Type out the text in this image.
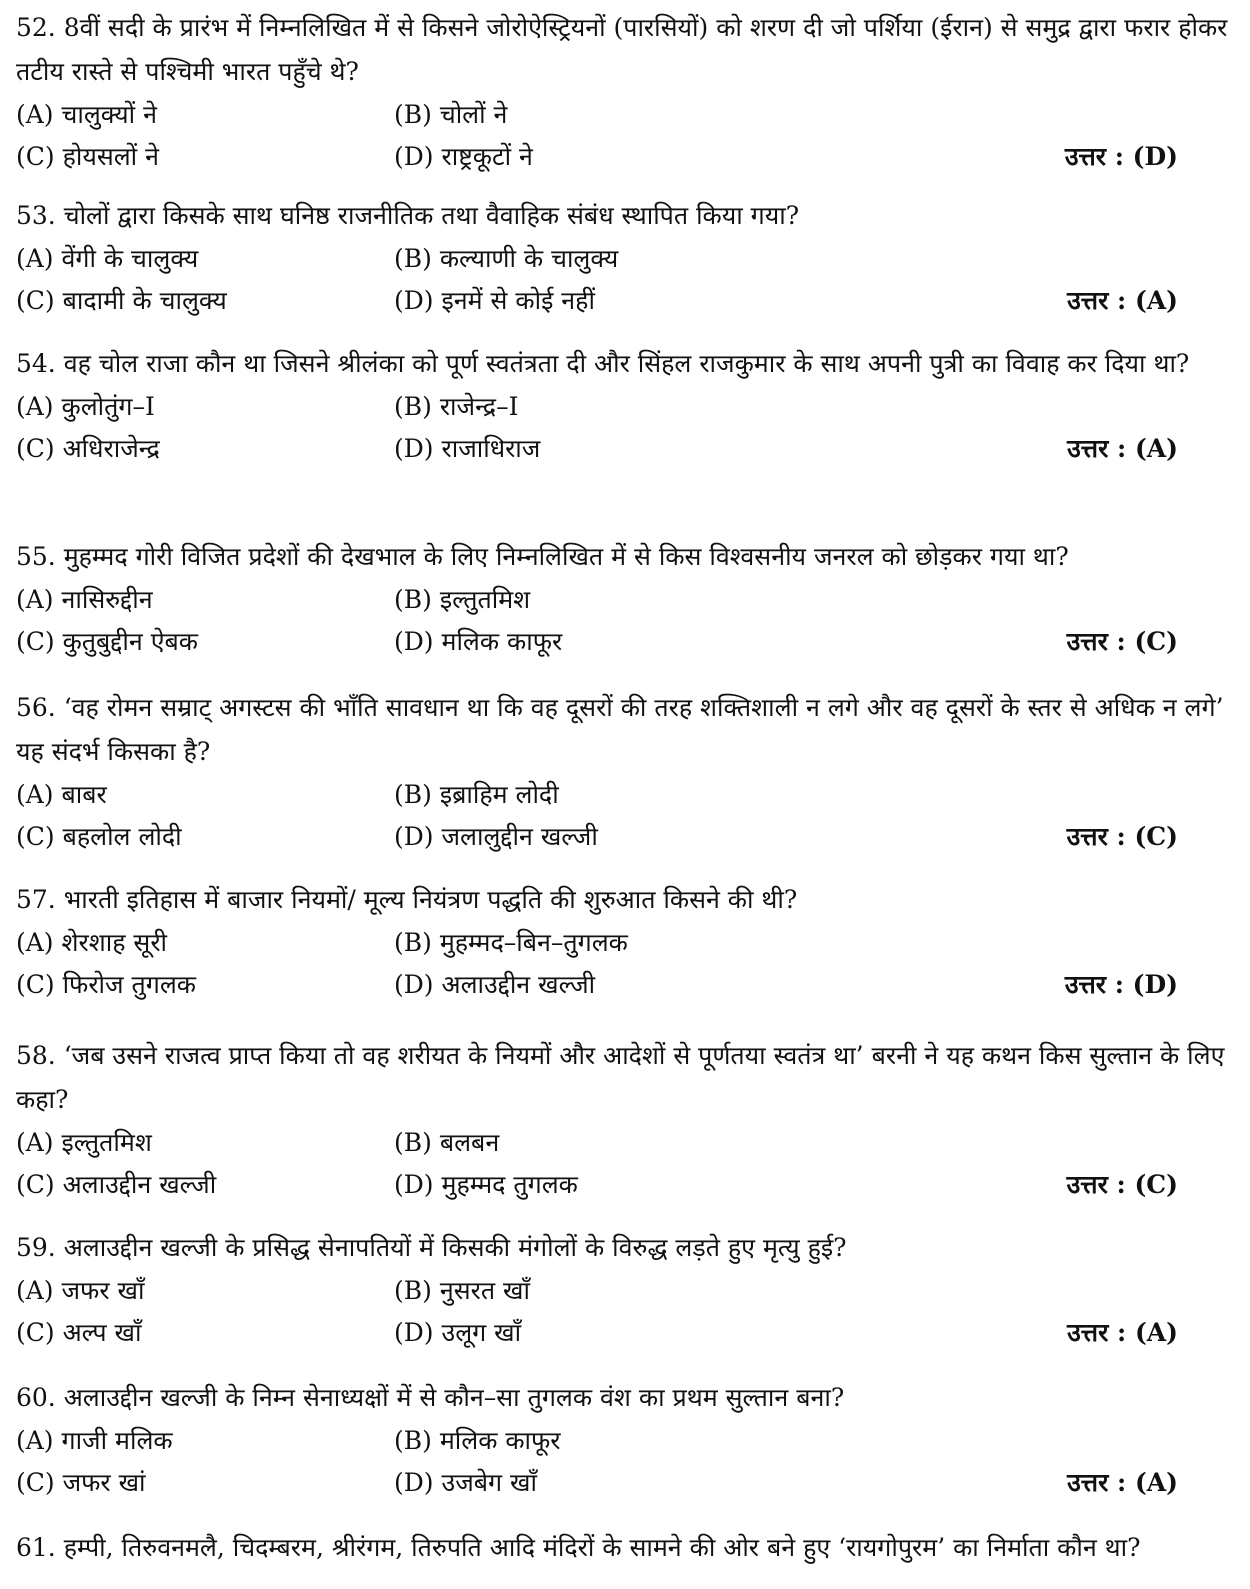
52. 8वीं सदी के प्रारंभ में निम्नलिखित में से किसने जोरोऐस्ट्रियनों (पारसियों) को शरण दी जो पर्शिया (ईरान) से समुद्र द्वारा फरार होकर तटीय रास्ते से पश्चिमी भारत पहुँचे थे?

(A) चालुक्यों ने	(B) चोलों ने
(C) होयसलों ने	(D) राष्ट्रकूटों ने	उत्तर : (D)

53. चोलों द्वारा किसके साथ घनिष्ठ राजनीतिक तथा वैवाहिक संबंध स्थापित किया गया?

(A) वेंगी के चालुक्य	(B) कल्याणी के चालुक्य
(C) बादामी के चालुक्य	(D) इनमें से कोई नहीं	उत्तर : (A)

54. वह चोल राजा कौन था जिसने श्रीलंका को पूर्ण स्वतंत्रता दी और सिंहल राजकुमार के साथ अपनी पुत्री का विवाह कर दिया था?

(A) कुलोतुंग–I	(B) राजेन्द्र–I
(C) अधिराजेन्द्र	(D) राजाधिराज	उत्तर : (A)

55. मुहम्मद गोरी विजित प्रदेशों की देखभाल के लिए निम्नलिखित में से किस विश्वसनीय जनरल को छोड़कर गया था?

(A) नासिरुद्दीन	(B) इल्तुतमिश
(C) कुतुबुद्दीन ऐबक	(D) मलिक काफूर	उत्तर : (C)

56. ‘वह रोमन सम्राट् अगस्टस की भाँति सावधान था कि वह दूसरों की तरह शक्तिशाली न लगे और वह दूसरों के स्तर से अधिक न लगे’ यह संदर्भ किसका है?

(A) बाबर	(B) इब्राहिम लोदी
(C) बहलोल लोदी	(D) जलालुद्दीन खल्जी	उत्तर : (C)

57. भारती इतिहास में बाजार नियमों/ मूल्य नियंत्रण पद्धति की शुरुआत किसने की थी?

(A) शेरशाह सूरी	(B) मुहम्मद–बिन–तुगलक
(C) फिरोज तुगलक	(D) अलाउद्दीन खल्जी	उत्तर : (D)

58. ‘जब उसने राजत्व प्राप्त किया तो वह शरीयत के नियमों और आदेशों से पूर्णतया स्वतंत्र था’ बरनी ने यह कथन किस सुल्तान के लिए कहा?

(A) इल्तुतमिश	(B) बलबन
(C) अलाउद्दीन खल्जी	(D) मुहम्मद तुगलक	उत्तर : (C)

59. अलाउद्दीन खल्जी के प्रसिद्ध सेनापतियों में किसकी मंगोलों के विरुद्ध लड़ते हुए मृत्यु हुई?

(A) जफर खाँ	(B) नुसरत खाँ
(C) अल्प खाँ	(D) उलूग खाँ	उत्तर : (A)

60. अलाउद्दीन खल्जी के निम्न सेनाध्यक्षों में से कौन–सा तुगलक वंश का प्रथम सुल्तान बना?

(A) गाजी मलिक	(B) मलिक काफूर
(C) जफर खां	(D) उजबेग खाँ	उत्तर : (A)

61. हम्पी, तिरुवनमलै, चिदम्बरम, श्रीरंगम, तिरुपति आदि मंदिरों के सामने की ओर बने हुए ‘रायगोपुरम’ का निर्माता कौन था?
